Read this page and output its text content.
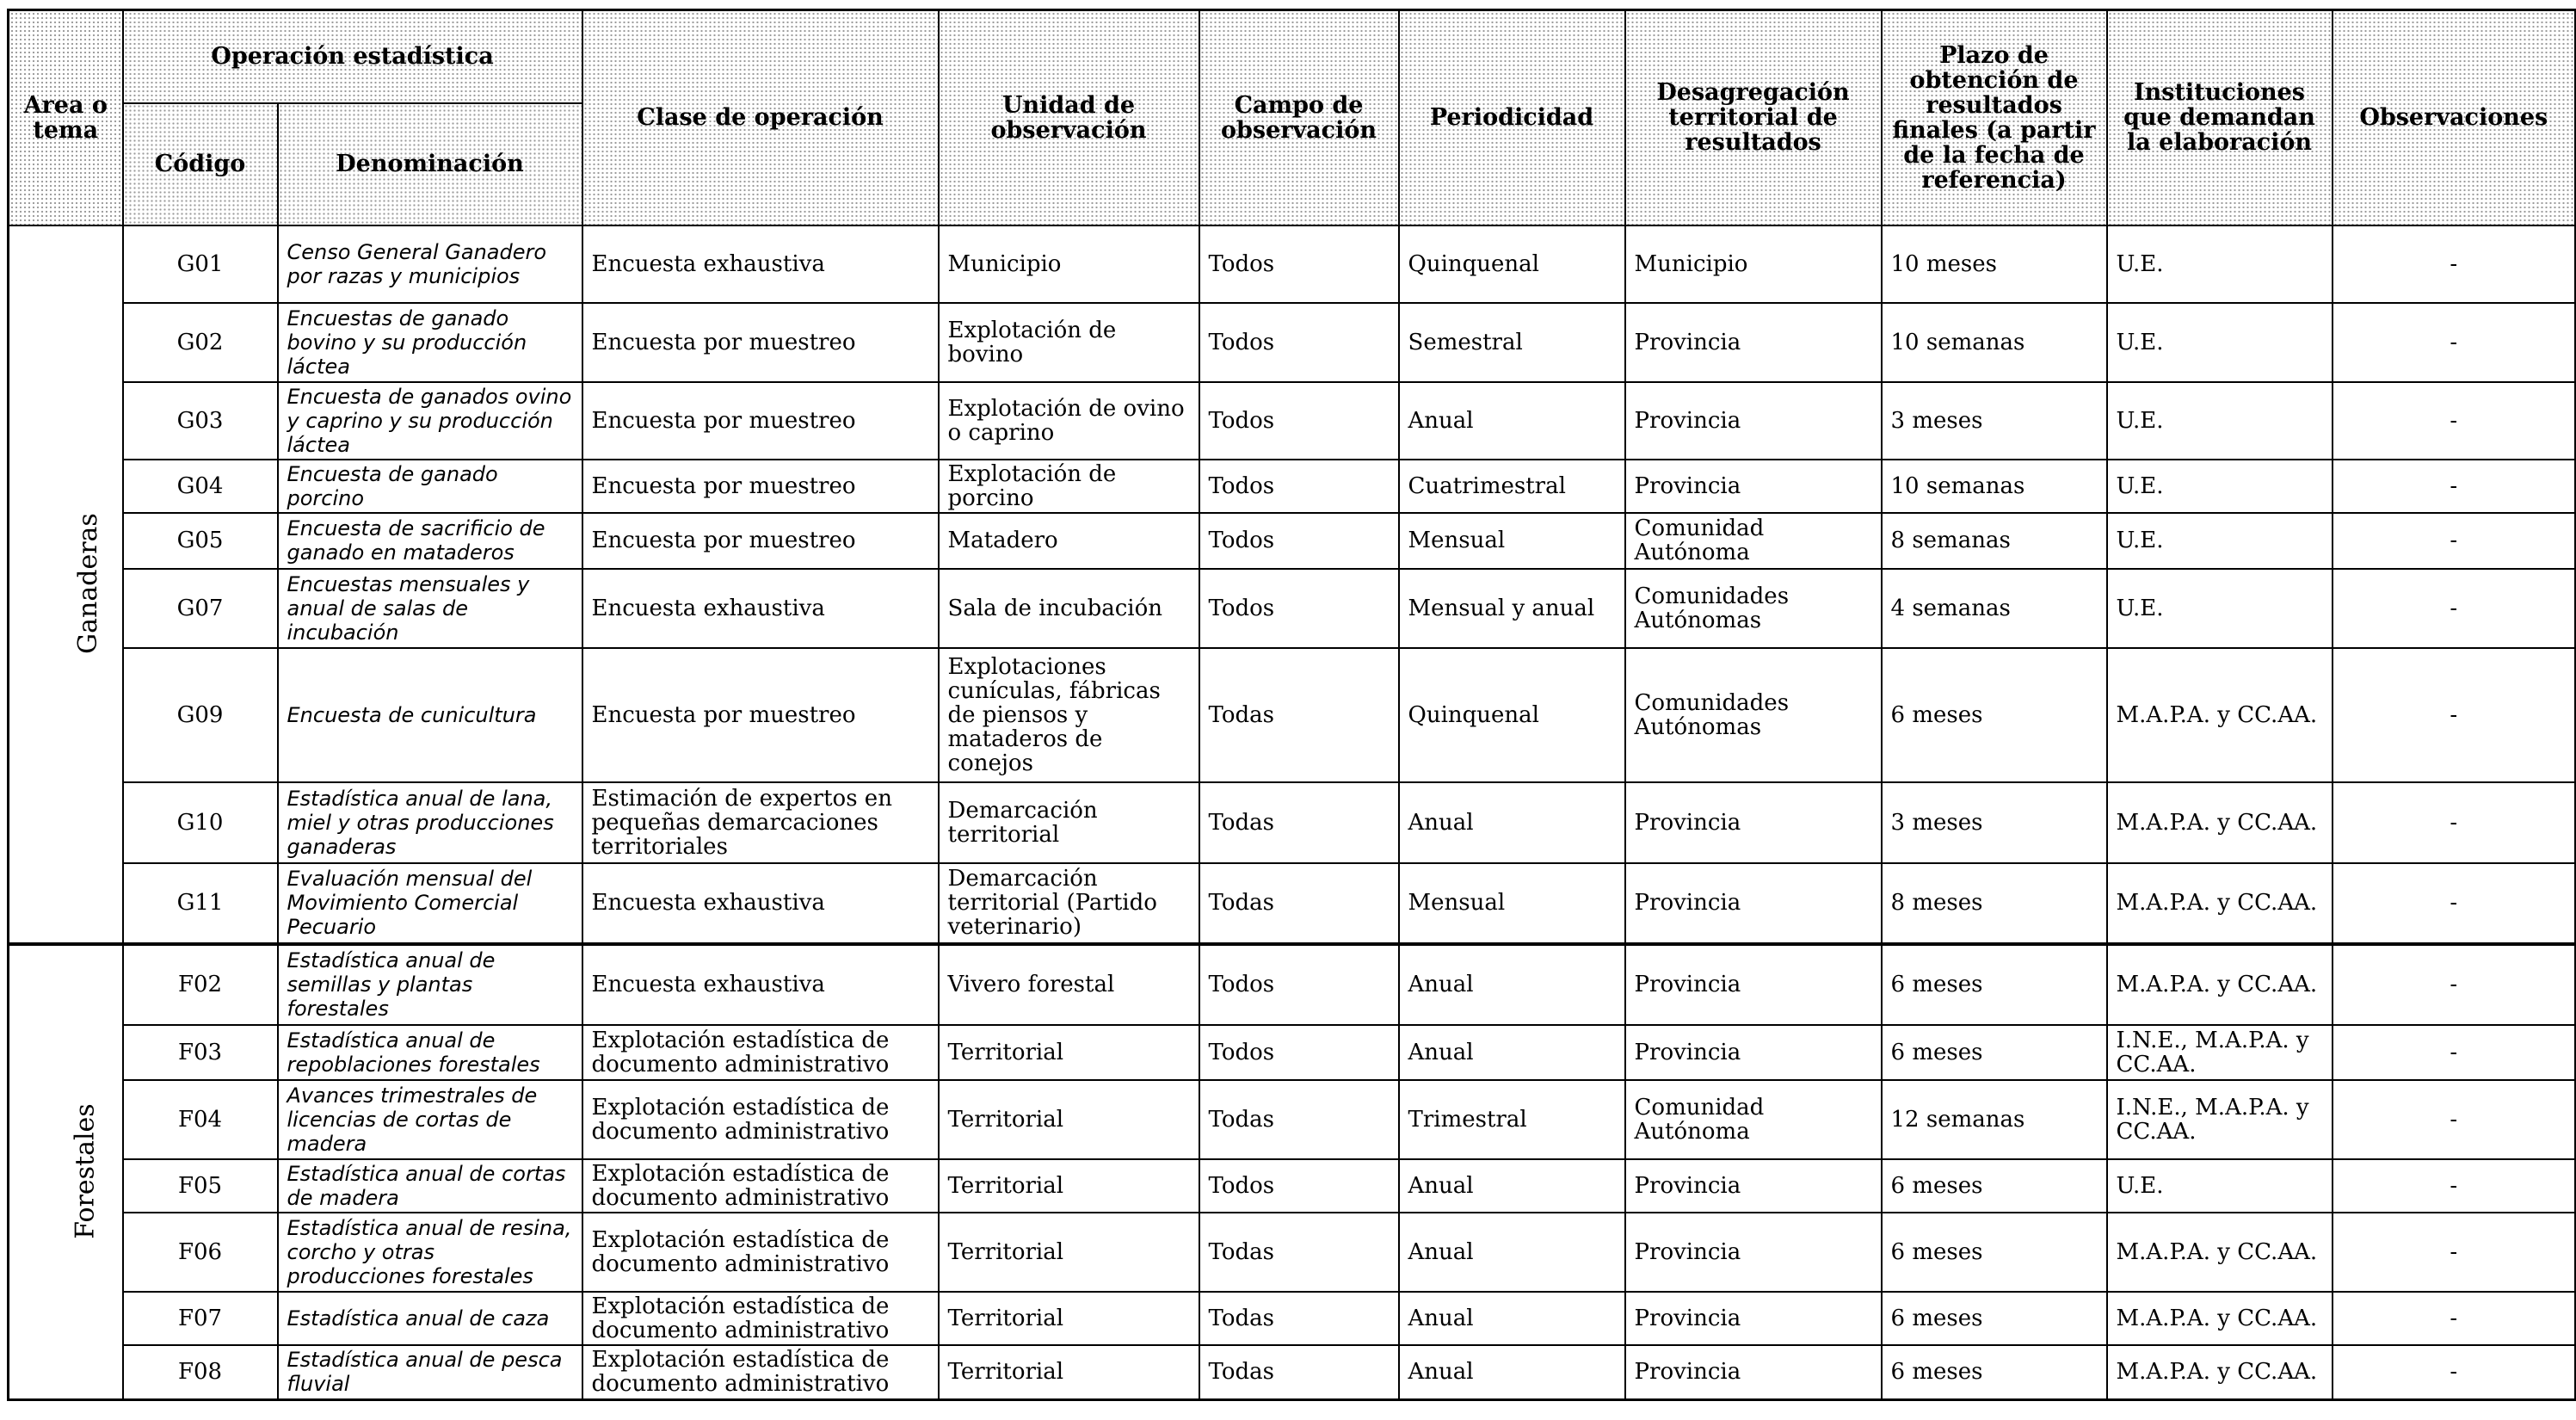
Area o tema	Operación estadística		Clase de operación	Unidad de observación	Campo de observación	Periodicidad	Desagregación territorial de resultados	Plazo de obtención de resultados finales (a partir de la fecha de referencia)	Instituciones que demandan la elaboración	Observaciones
	Código	Denominación								
Ganaderas	G01	Censo General Ganadero por razas y municipios	Encuesta exhaustiva	Municipio	Todos	Quinquenal	Municipio	10 meses	U.E.	-
	G02	Encuestas de ganado bovino y su producción láctea	Encuesta por muestreo	Explotación de bovino	Todos	Semestral	Provincia	10 semanas	U.E.	-
	G03	Encuesta de ganados ovino y caprino y su producción láctea	Encuesta por muestreo	Explotación de ovino o caprino	Todos	Anual	Provincia	3 meses	U.E.	-
	G04	Encuesta de ganado porcino	Encuesta por muestreo	Explotación de porcino	Todos	Cuatrimestral	Provincia	10 semanas	U.E.	-
	G05	Encuesta de sacrificio de ganado en mataderos	Encuesta por muestreo	Matadero	Todos	Mensual	Comunidad Autónoma	8 semanas	U.E.	-
	G07	Encuestas mensuales y anual de salas de incubación	Encuesta exhaustiva	Sala de incubación	Todos	Mensual y anual	Comunidades Autónomas	4 semanas	U.E.	-
	G09	Encuesta de cunicultura	Encuesta por muestreo	Explotaciones cunículas, fábricas de piensos y mataderos de conejos	Todas	Quinquenal	Comunidades Autónomas	6 meses	M.A.P.A. y CC.AA.	-
	G10	Estadística anual de lana, miel y otras producciones ganaderas	Estimación de expertos en pequeñas demarcaciones territoriales	Demarcación territorial	Todas	Anual	Provincia	3 meses	M.A.P.A. y CC.AA.	-
	G11	Evaluación mensual del Movimiento Comercial Pecuario	Encuesta exhaustiva	Demarcación territorial (Partido veterinario)	Todas	Mensual	Provincia	8 meses	M.A.P.A. y CC.AA.	-
Forestales	F02	Estadística anual de semillas y plantas forestales	Encuesta exhaustiva	Vivero forestal	Todos	Anual	Provincia	6 meses	M.A.P.A. y CC.AA.	-
	F03	Estadística anual de repoblaciones forestales	Explotación estadística de documento administrativo	Territorial	Todos	Anual	Provincia	6 meses	I.N.E., M.A.P.A. y CC.AA.	-
	F04	Avances trimestrales de licencias de cortas de madera	Explotación estadística de documento administrativo	Territorial	Todas	Trimestral	Comunidad Autónoma	12 semanas	I.N.E., M.A.P.A. y CC.AA.	-
	F05	Estadística anual de cortas de madera	Explotación estadística de documento administrativo	Territorial	Todos	Anual	Provincia	6 meses	U.E.	-
	F06	Estadística anual de resina, corcho y otras producciones forestales	Explotación estadística de documento administrativo	Territorial	Todas	Anual	Provincia	6 meses	M.A.P.A. y CC.AA.	-
	F07	Estadística anual de caza	Explotación estadística de documento administrativo	Territorial	Todas	Anual	Provincia	6 meses	M.A.P.A. y CC.AA.	-
	F08	Estadística anual de pesca fluvial	Explotación estadística de documento administrativo	Territorial	Todas	Anual	Provincia	6 meses	M.A.P.A. y CC.AA.	-
